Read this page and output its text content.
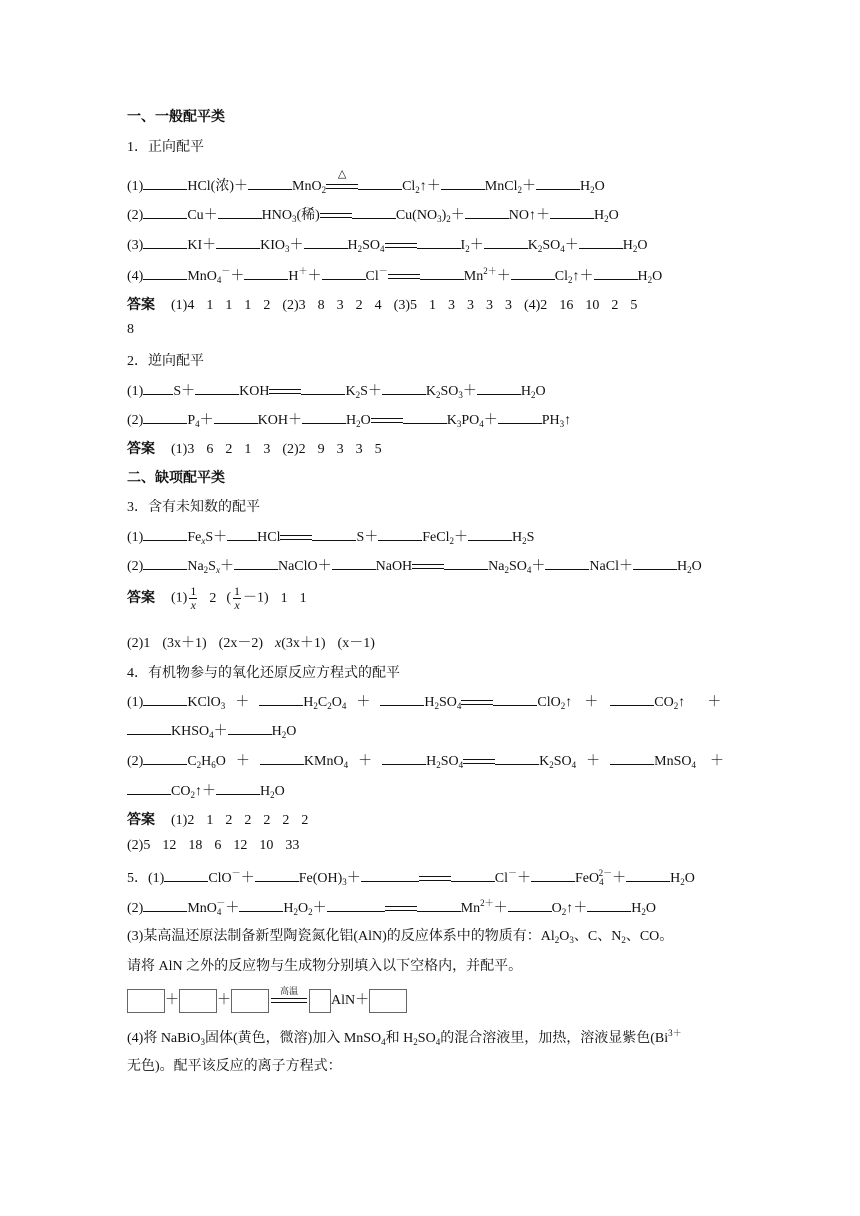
一、一般配平类
1．正向配平
(1)	HCl(浓)＋	MnO$_2$
△
$Cl_2↑+$	MnCl$_2$＋	$H_2O$
(2)	Cu＋	$HNO_3$(稀)	$Cu(NO_3)_2+$	NO↑＋	$H_2O$
(3)	KI＋	$KIO_3+$	$H_2SO_4$	$I_2+$	$K_2SO_4+$	$H_2O$
(4)	MnO$_4$－＋	H＋＋	Cl－	$Mn^{2+}+$	$Cl_2↑+$	$H_2O$
答案 (1)4 1 1 1 2 (2)3 8 3 2 4 (3)5 1 3 3 3 3 (4)2 16 10 2 5
8
2．逆向配平
(1) S＋	KOH	$K_2S+$	$K_2SO_3+$	$H_2O$
(2)	$P_4+$	KOH＋	$H_2O$	$K_3PO_4+$	$PH_3↑$
答案 (1)3 6 2 1 3 (2)2 9 3 3 5
二、缺项配平类
3．含有未知数的配平
(1)	$Fe_xS+$ HCl	S＋	FeCl$_2$＋	$H_2S$
(2)	$Na_2S_x+$	NaClO＋	NaOH	$Na_2SO_4+$	NaCl＋	$H_2O$
答案 $(1) \frac{1}{x} 2$ ( $\frac{1}{x} -1$) 1 1
(2)1 (3x＋1) (2x－2) x(3x＋1) (x－1)
4．有机物参与的氧化还原反应方程式的配平
(1)	KClO$_3$ ＋	$H_2C_2O_4$ ＋	$H_2SO_4$	ClO$_2$↑ ＋	$CO_2↑$ ＋
$KHSO_4+$	$H_2O$
(2)	$C_2H_6O$ ＋	KMnO$_4$ ＋	$H_2SO_4$	$K_2SO_4$ ＋	MnSO$_4$ ＋
$CO_2↑+$	$H_2O$
答案 (1)2 1 2 2 2 2 2
(2)5 12 18 6 12 10 33
5．(1)	ClO－＋	$Fe(OH)_3+$	Cl－＋	FeO$_4^{2-}$＋	$H_2O$
(2)	MnO$_4$－＋	$H_2O_2+$	$Mn^{2+}+$	$O_2↑+$	$H_2O$
(3)某高温还原法制备新型陶瓷氮化铝(AlN)的反应体系中的物质有：$Al_2O_3$、C、$N_2$、CO。
请将 AlN 之外的反应物与生成物分别填入以下空格内，并配平。
＋	＋
高温
AlN＋
(4)将 NaBiO$_3$固体(黄色，微溶)加入 MnSO$_4$和 $H_2SO_4$的混合溶液里，加热，溶液显紫色($Bi^{3+}$
无色)。配平该反应的离子方程式：
